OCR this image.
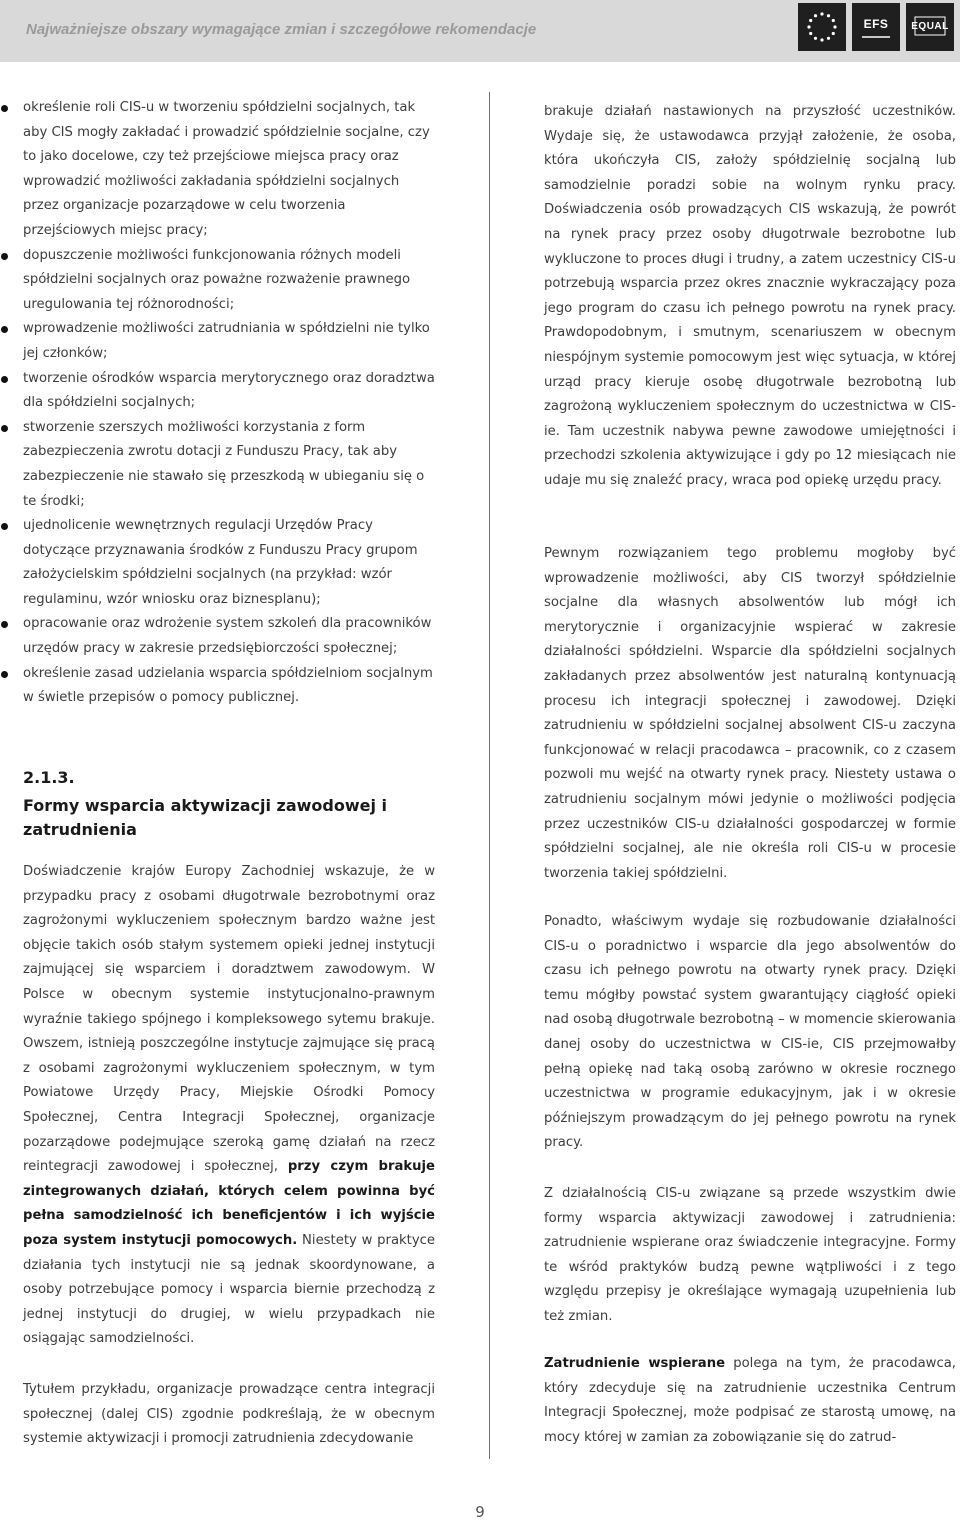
Najważniejsze obszary wymagające zmian i szczegółowe rekomendacje	EFS	EQUAL
określenie roli CIS-u w tworzeniu spółdzielni socjalnych, tak aby CIS mogły zakładać i prowadzić spółdzielnie socjalne, czy to jako docelowe, czy też przejściowe miejsca pracy oraz wprowadzić możliwości zakładania spółdzielni socjalnych przez organizacje pozarządowe w celu tworzenia przejściowych miejsc pracy;
dopuszczenie możliwości funkcjonowania różnych modeli spółdzielni socjalnych oraz poważne rozważenie prawnego uregulowania tej różnorodności;
wprowadzenie możliwości zatrudniania w spółdzielni nie tylko jej członków;
tworzenie ośrodków wsparcia merytorycznego oraz doradztwa dla spółdzielni socjalnych;
stworzenie szerszych możliwości korzystania z form zabezpieczenia zwrotu dotacji z Funduszu Pracy, tak aby zabezpieczenie nie stawało się przeszkodą w ubieganiu się o te środki;
ujednolicenie wewnętrznych regulacji Urzędów Pracy dotyczące przyznawania środków z Funduszu Pracy grupom założycielskim spółdzielni socjalnych (na przykład: wzór regulaminu, wzór wniosku oraz biznesplanu);
opracowanie oraz wdrożenie system szkoleń dla pracowników urzędów pracy w zakresie przedsiębiorczości społecznej;
określenie zasad udzielania wsparcia spółdzielniom socjalnym w świetle przepisów o pomocy publicznej.
2.1.3.
Formy wsparcia aktywizacji zawodowej i zatrudnienia

Doświadczenie krajów Europy Zachodniej wskazuje, że w przypadku pracy z osobami długotrwale bezrobotnymi oraz zagrożonymi wykluczeniem społecznym bardzo ważne jest objęcie takich osób stałym systemem opieki jednej instytucji zajmującej się wsparciem i doradztwem zawodowym. W Polsce w obecnym systemie instytucjonalno-prawnym wyraźnie takiego spójnego i kompleksowego sytemu brakuje. Owszem, istnieją poszczególne instytucje zajmujące się pracą z osobami zagrożonymi wykluczeniem społecznym, w tym Powiatowe Urzędy Pracy, Miejskie Ośrodki Pomocy Społecznej, Centra Integracji Społecznej, organizacje pozarządowe podejmujące szeroką gamę działań na rzecz reintegracji zawodowej i społecznej, przy czym brakuje zintegrowanych działań, których celem powinna być pełna samodzielność ich beneficjentów i ich wyjście poza system instytucji pomocowych. Niestety w praktyce działania tych instytucji nie są jednak skoordynowane, a osoby potrzebujące pomocy i wsparcia biernie przechodzą z jednej instytucji do drugiej, w wielu przypadkach nie osiągając samodzielności.

Tytułem przykładu, organizacje prowadzące centra integracji społecznej (dalej CIS) zgodnie podkreślają, że w obecnym systemie aktywizacji i promocji zatrudnienia zdecydowanie

brakuje działań nastawionych na przyszłość uczestników. Wydaje się, że ustawodawca przyjął założenie, że osoba, która ukończyła CIS, założy spółdzielnię socjalną lub samodzielnie poradzi sobie na wolnym rynku pracy. Doświadczenia osób prowadzących CIS wskazują, że powrót na rynek pracy przez osoby długotrwale bezrobotne lub wykluczone to proces długi i trudny, a zatem uczestnicy CIS-u potrzebują wsparcia przez okres znacznie wykraczający poza jego program do czasu ich pełnego powrotu na rynek pracy. Prawdopodobnym, i smutnym, scenariuszem w obecnym niespójnym systemie pomocowym jest więc sytuacja, w której urząd pracy kieruje osobę długotrwale bezrobotną lub zagrożoną wykluczeniem społecznym do uczestnictwa w CIS-ie. Tam uczestnik nabywa pewne zawodowe umiejętności i przechodzi szkolenia aktywizujące i gdy po 12 miesiącach nie udaje mu się znaleźć pracy, wraca pod opiekę urzędu pracy.

Pewnym rozwiązaniem tego problemu mogłoby być wprowadzenie możliwości, aby CIS tworzył spółdzielnie socjalne dla własnych absolwentów lub mógł ich merytorycznie i organizacyjnie wspierać w zakresie działalności spółdzielni. Wsparcie dla spółdzielni socjalnych zakładanych przez absolwentów jest naturalną kontynuacją procesu ich integracji społecznej i zawodowej. Dzięki zatrudnieniu w spółdzielni socjalnej absolwent CIS-u zaczyna funkcjonować w relacji pracodawca – pracownik, co z czasem pozwoli mu wejść na otwarty rynek pracy. Niestety ustawa o zatrudnieniu socjalnym mówi jedynie o możliwości podjęcia przez uczestników CIS-u działalności gospodarczej w formie spółdzielni socjalnej, ale nie określa roli CIS-u w procesie tworzenia takiej spółdzielni.

Ponadto, właściwym wydaje się rozbudowanie działalności CIS-u o poradnictwo i wsparcie dla jego absolwentów do czasu ich pełnego powrotu na otwarty rynek pracy. Dzięki temu mógłby powstać system gwarantujący ciągłość opieki nad osobą długotrwale bezrobotną – w momencie skierowania danej osoby do uczestnictwa w CIS-ie, CIS przejmowałby pełną opiekę nad taką osobą zarówno w okresie rocznego uczestnictwa w programie edukacyjnym, jak i w okresie późniejszym prowadzącym do jej pełnego powrotu na rynek pracy.

Z działalnością CIS-u związane są przede wszystkim dwie formy wsparcia aktywizacji zawodowej i zatrudnienia: zatrudnienie wspierane oraz świadczenie integracyjne. Formy te wśród praktyków budzą pewne wątpliwości i z tego względu przepisy je określające wymagają uzupełnienia lub też zmian.

Zatrudnienie wspierane polega na tym, że pracodawca, który zdecyduje się na zatrudnienie uczestnika Centrum Integracji Społecznej, może podpisać ze starostą umowę, na mocy której w zamian za zobowiązanie się do zatrud-

9
